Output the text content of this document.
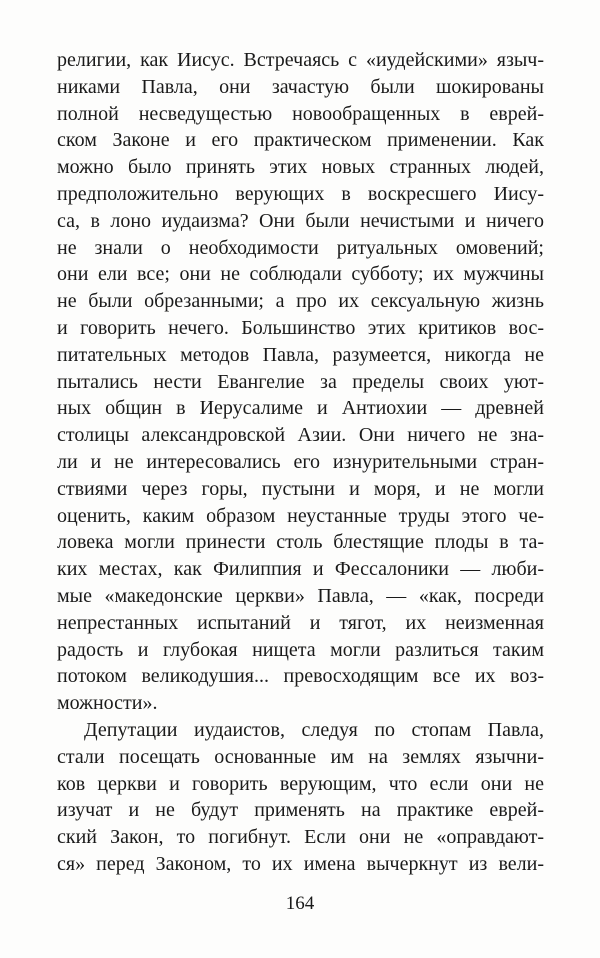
религии, как Иисус. Встречаясь с «иудейскими» языч-
никами Павла, они зачастую были шокированы
полной несведущестью новообращенных в еврей-
ском Законе и его практическом применении. Как
можно было принять этих новых странных людей,
предположительно верующих в воскресшего Иису-
са, в лоно иудаизма? Они были нечистыми и ничего
не знали о необходимости ритуальных омовений;
они ели все; они не соблюдали субботу; их мужчины
не были обрезанными; а про их сексуальную жизнь
и говорить нечего. Большинство этих критиков вос-
питательных методов Павла, разумеется, никогда не
пытались нести Евангелие за пределы своих уют-
ных общин в Иерусалиме и Антиохии — древней
столицы александровской Азии. Они ничего не зна-
ли и не интересовались его изнурительными стран-
ствиями через горы, пустыни и моря, и не могли
оценить, каким образом неустанные труды этого че-
ловека могли принести столь блестящие плоды в та-
ких местах, как Филиппия и Фессалоники — люби-
мые «македонские церкви» Павла, — «как, посреди
непрестанных испытаний и тягот, их неизменная
радость и глубокая нищета могли разлиться таким
потоком великодушия... превосходящим все их воз-
можности».
Депутации иудаистов, следуя по стопам Павла,
стали посещать основанные им на землях язычни-
ков церкви и говорить верующим, что если они не
изучат и не будут применять на практике еврей-
ский Закон, то погибнут. Если они не «оправдают-
ся» перед Законом, то их имена вычеркнут из вели-
164
